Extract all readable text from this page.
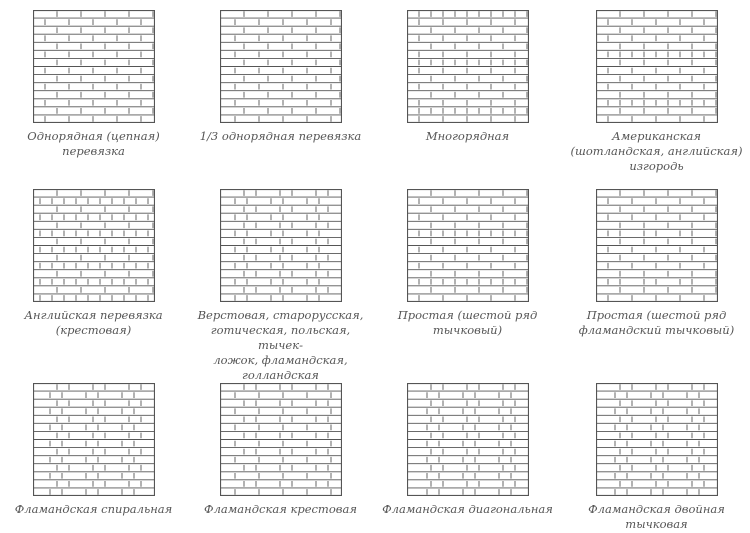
Однорядная (цепная)
перевязка
1/3 однорядная перевязка	Многорядная	Американская
(шотландская, английская)
изгородь
Английская перевязка
(крестовая)
Верстовая, старорусская,
готическая, польская, тычек-
ложок, фламандская,
голландская
Простая (шестой ряд
тычковый)
Простая (шестой ряд
фламандский тычковый)
Фламандская спиральная	Фламандская крестовая	Фламандская диагональная	Фламандская двойная
тычковая
